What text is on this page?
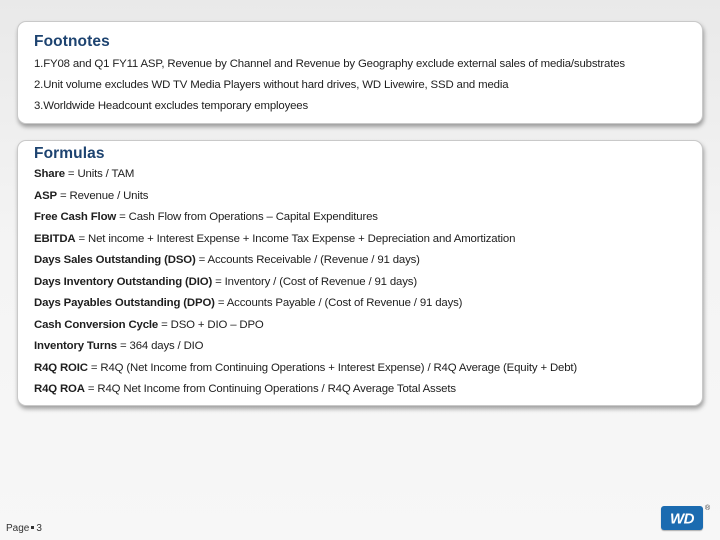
Footnotes
1.FY08 and Q1 FY11 ASP, Revenue by Channel and Revenue by Geography exclude external sales of media/substrates
2.Unit volume excludes WD TV Media Players without hard drives, WD Livewire, SSD and media
3.Worldwide Headcount excludes temporary employees
Formulas
Share = Units / TAM
ASP = Revenue / Units
Free Cash Flow = Cash Flow from Operations – Capital Expenditures
EBITDA = Net income + Interest Expense + Income Tax Expense + Depreciation and Amortization
Days Sales Outstanding (DSO) = Accounts Receivable / (Revenue / 91 days)
Days Inventory Outstanding (DIO) = Inventory / (Cost of Revenue / 91 days)
Days Payables Outstanding (DPO) = Accounts Payable / (Cost of Revenue / 91 days)
Cash Conversion Cycle = DSO + DIO – DPO
Inventory Turns = 364 days / DIO
R4Q ROIC = R4Q (Net Income from Continuing Operations + Interest Expense) / R4Q Average (Equity + Debt)
R4Q ROA = R4Q Net Income from Continuing Operations / R4Q Average Total Assets
Page 3
WD
®
